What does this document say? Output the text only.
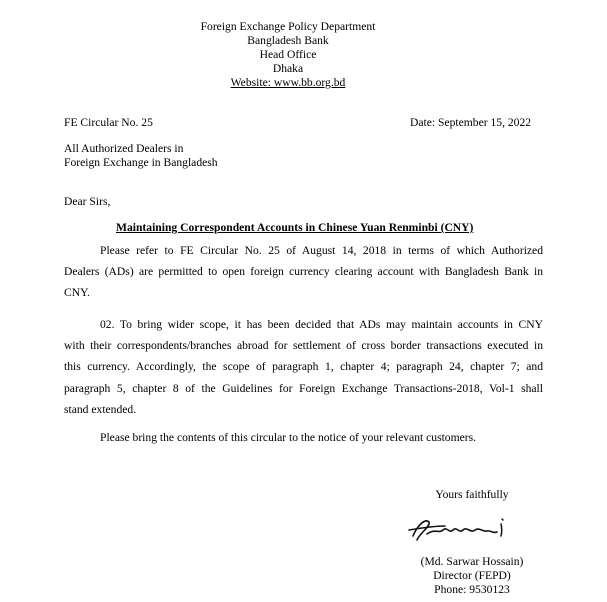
Foreign Exchange Policy Department
Bangladesh Bank
Head Office
Dhaka
Website: www.bb.org.bd
FE Circular No. 25	Date: September 15, 2022
All Authorized Dealers in
Foreign Exchange in Bangladesh
Dear Sirs,
Maintaining Correspondent Accounts in Chinese Yuan Renminbi (CNY)
Please refer to FE Circular No. 25 of August 14, 2018 in terms of which Authorized
Dealers (ADs) are permitted to open foreign currency clearing account with Bangladesh Bank in
CNY.
02. To bring wider scope, it has been decided that ADs may maintain accounts in CNY
with their correspondents/branches abroad for settlement of cross border transactions executed in
this currency. Accordingly, the scope of paragraph 1, chapter 4; paragraph 24, chapter 7; and
paragraph 5, chapter 8 of the Guidelines for Foreign Exchange Transactions-2018, Vol-1 shall
stand extended.
Please bring the contents of this circular to the notice of your relevant customers.
Yours faithfully
(Md. Sarwar Hossain)
Director (FEPD)
Phone: 9530123
